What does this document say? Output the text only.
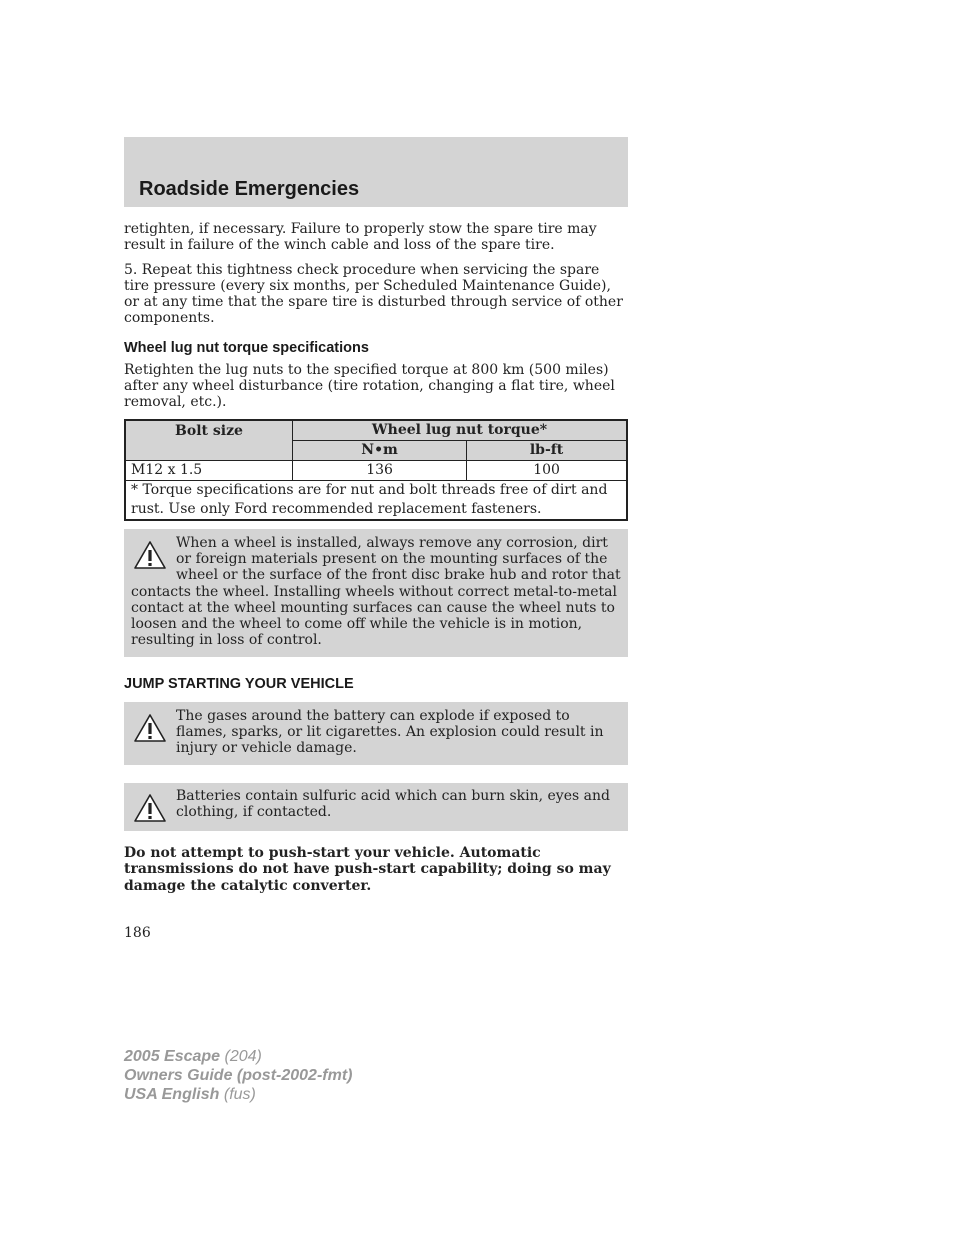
Roadside Emergencies

retighten, if necessary. Failure to properly stow the spare tire may result in failure of the winch cable and loss of the spare tire.

5. Repeat this tightness check procedure when servicing the spare tire pressure (every six months, per Scheduled Maintenance Guide), or at any time that the spare tire is disturbed through service of other components.

Wheel lug nut torque specifications

Retighten the lug nuts to the specified torque at 800 km (500 miles) after any wheel disturbance (tire rotation, changing a flat tire, wheel removal, etc.).

Bolt size	Wheel lug nut torque*	
	N•m	lb-ft
M12 x 1.5	136	100
* Torque specifications are for nut and bolt threads free of dirt and rust. Use only Ford recommended replacement fasteners.		
When a wheel is installed, always remove any corrosion, dirt or foreign materials present on the mounting surfaces of the wheel or the surface of the front disc brake hub and rotor that contacts the wheel. Installing wheels without correct metal-to-metal contact at the wheel mounting surfaces can cause the wheel nuts to loosen and the wheel to come off while the vehicle is in motion, resulting in loss of control.
JUMP STARTING YOUR VEHICLE
The gases around the battery can explode if exposed to flames, sparks, or lit cigarettes. An explosion could result in injury or vehicle damage.
Batteries contain sulfuric acid which can burn skin, eyes and clothing, if contacted.

Do not attempt to push-start your vehicle. Automatic transmissions do not have push-start capability; doing so may damage the catalytic converter.

186
2005 Escape (204)
Owners Guide (post-2002-fmt)
USA English (fus)
